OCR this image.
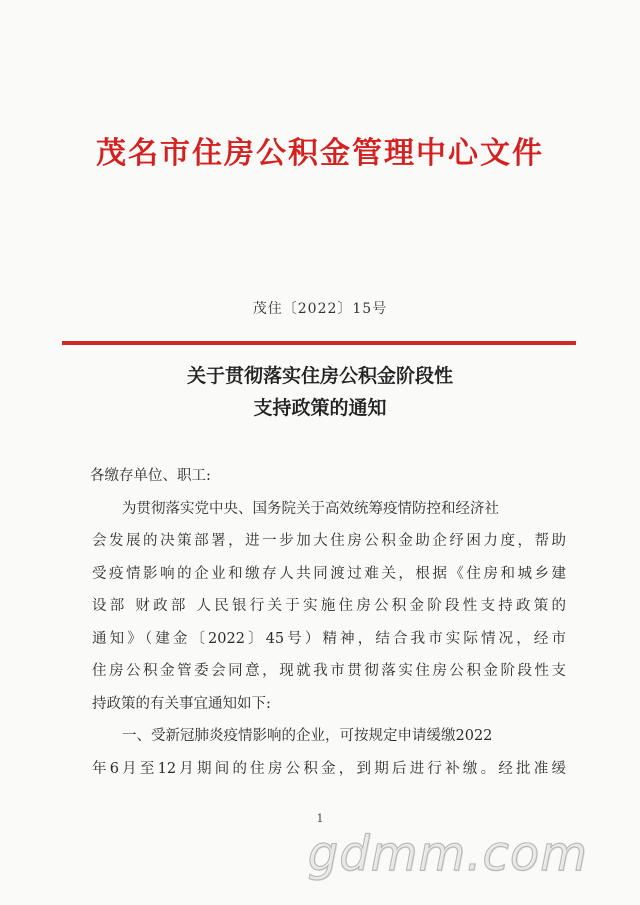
茂名市住房公积金管理中心文件
茂住〔2022〕15号
关于贯彻落实住房公积金阶段性
支持政策的通知
各缴存单位、职工:
为贯彻落实党中央、国务院关于高效统筹疫情防控和经济社
会发展的决策部署，进一步加大住房公积金助企纾困力度，帮助
受疫情影响的企业和缴存人共同渡过难关，根据《住房和城乡建
设部 财政部 人民银行关于实施住房公积金阶段性支持政策的
通知》（建金〔2022〕45号）精神，结合我市实际情况，经市
住房公积金管委会同意，现就我市贯彻落实住房公积金阶段性支
持政策的有关事宜通知如下:
一、受新冠肺炎疫情影响的企业，可按规定申请缓缴2022
年6月至12月期间的住房公积金，到期后进行补缴。经批准缓
1
gdmm.com
